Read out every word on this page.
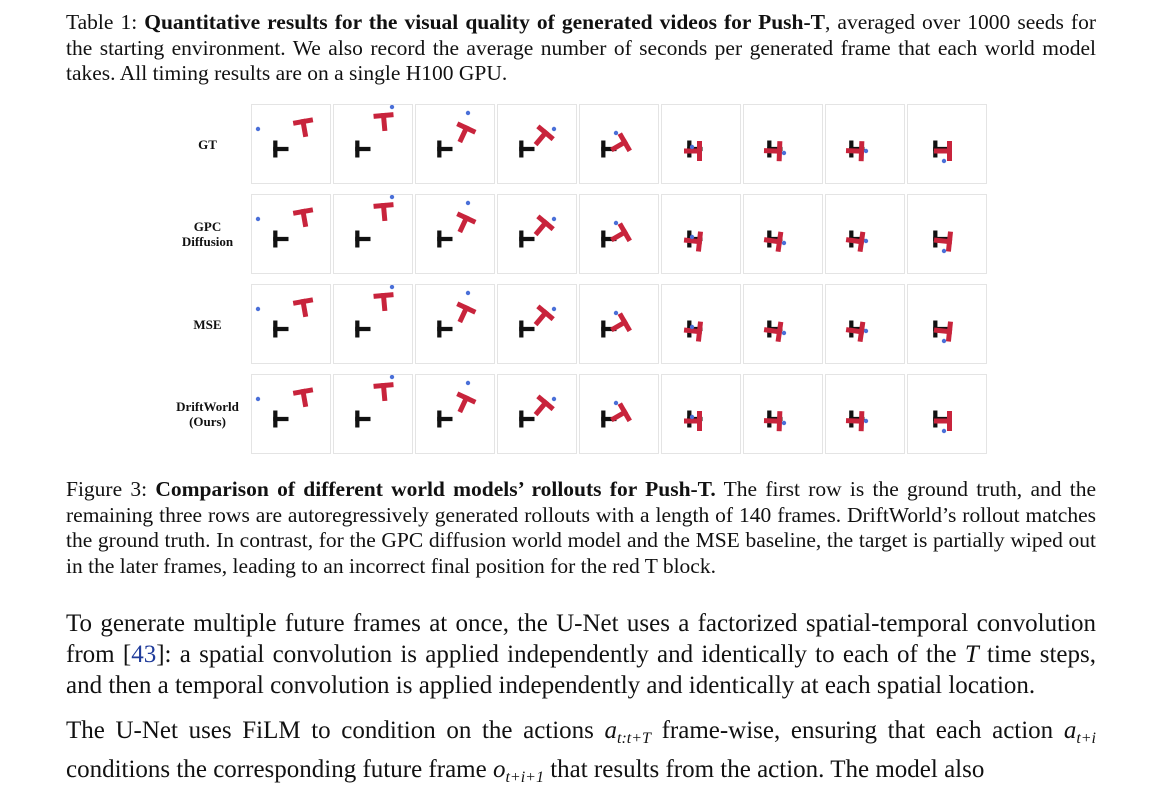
Table 1: Quantitative results for the visual quality of generated videos for Push-T, averaged over 1000 seeds for the starting environment. We also record the average number of seconds per generated frame that each world model takes. All timing results are on a single H100 GPU.

GT
GPC
Diffusion
MSE
DriftWorld
(Ours)

Figure 3: Comparison of different world models’ rollouts for Push-T. The first row is the ground truth, and the remaining three rows are autoregressively generated rollouts with a length of 140 frames. DriftWorld’s rollout matches the ground truth. In contrast, for the GPC diffusion world model and the MSE baseline, the target is partially wiped out in the later frames, leading to an incorrect final position for the red T block.

To generate multiple future frames at once, the U-Net uses a factorized spatial-temporal convolution from [43]: a spatial convolution is applied independently and identically to each of the T time steps, and then a temporal convolution is applied independently and identically at each spatial location.

The U-Net uses FiLM to condition on the actions $a_{t:t+T}$ frame-wise, ensuring that each action $a_{t+i}$ conditions the corresponding future frame $o_{t+i+1}$ that results from the action. The model also
